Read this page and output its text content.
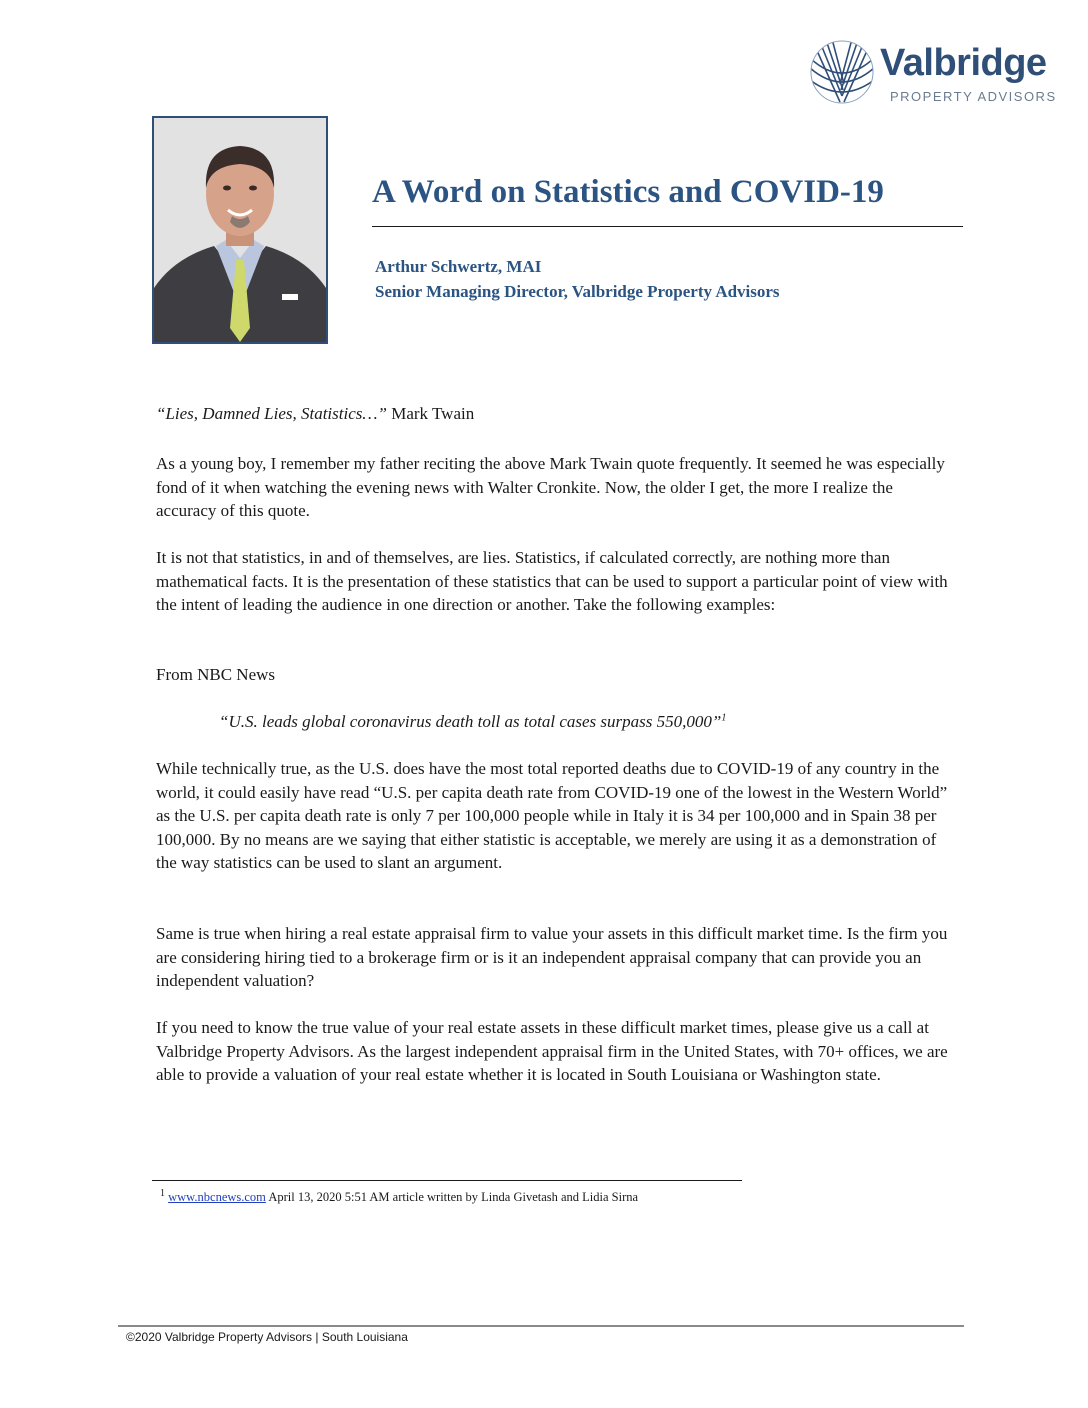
Valbridge
PROPERTY ADVISORS
A Word on Statistics and COVID-19
Arthur Schwertz, MAI
Senior Managing Director, Valbridge Property Advisors

“Lies, Damned Lies, Statistics…” Mark Twain

As a young boy, I remember my father reciting the above Mark Twain quote frequently. It seemed he was especially fond of it when watching the evening news with Walter Cronkite. Now, the older I get, the more I realize the accuracy of this quote.

It is not that statistics, in and of themselves, are lies. Statistics, if calculated correctly, are nothing more than mathematical facts. It is the presentation of these statistics that can be used to support a particular point of view with the intent of leading the audience in one direction or another. Take the following examples:

From NBC News

“U.S. leads global coronavirus death toll as total cases surpass 550,000”$^1$

While technically true, as the U.S. does have the most total reported deaths due to COVID-19 of any country in the world, it could easily have read “U.S. per capita death rate from COVID-19 one of the lowest in the Western World” as the U.S. per capita death rate is only 7 per 100,000 people while in Italy it is 34 per 100,000 and in Spain 38 per 100,000. By no means are we saying that either statistic is acceptable, we merely are using it as a demonstration of the way statistics can be used to slant an argument.

Same is true when hiring a real estate appraisal firm to value your assets in this difficult market time. Is the firm you are considering hiring tied to a brokerage firm or is it an independent appraisal company that can provide you an independent valuation?

If you need to know the true value of your real estate assets in these difficult market times, please give us a call at Valbridge Property Advisors. As the largest independent appraisal firm in the United States, with 70+ offices, we are able to provide a valuation of your real estate whether it is located in South Louisiana or Washington state.

$^1$ www.nbcnews.com April 13, 2020 5:51 AM article written by Linda Givetash and Lidia Sirna
©2020 Valbridge Property Advisors | South Louisiana
